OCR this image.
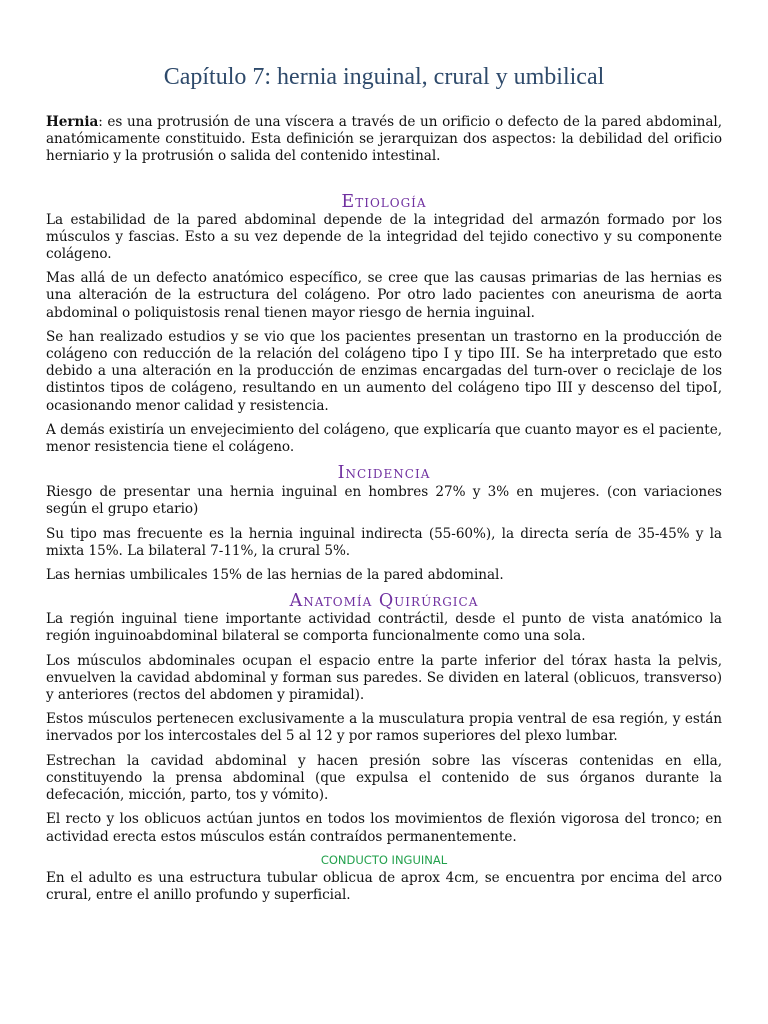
Capítulo 7: hernia inguinal, crural y umbilical

Hernia: es una protrusión de una víscera a través de un orificio o defecto de la pared abdominal, anatómicamente constituido. Esta definición se jerarquizan dos aspectos: la debilidad del orificio herniario y la protrusión o salida del contenido intestinal.

Etiología

La estabilidad de la pared abdominal depende de la integridad del armazón formado por los músculos y fascias. Esto a su vez depende de la integridad del tejido conectivo y su componente colágeno.

Mas allá de un defecto anatómico específico, se cree que las causas primarias de las hernias es una alteración de la estructura del colágeno. Por otro lado pacientes con aneurisma de aorta abdominal o poliquistosis renal tienen mayor riesgo de hernia inguinal.

Se han realizado estudios y se vio que los pacientes presentan un trastorno en la producción de colágeno con reducción de la relación del colágeno tipo I y tipo III. Se ha interpretado que esto debido a una alteración en la producción de enzimas encargadas del turn-over o reciclaje de los distintos tipos de colágeno, resultando en un aumento del colágeno tipo III y descenso del tipoI, ocasionando menor calidad y resistencia.

A demás existiría un envejecimiento del colágeno, que explicaría que cuanto mayor es el paciente, menor resistencia tiene el colágeno.

Incidencia

Riesgo de presentar una hernia inguinal en hombres 27% y 3% en mujeres. (con variaciones según el grupo etario)

Su tipo mas frecuente es la hernia inguinal indirecta (55-60%), la directa sería de 35-45% y la mixta 15%. La bilateral 7-11%, la crural 5%.

Las hernias umbilicales 15% de las hernias de la pared abdominal.

Anatomía Quirúrgica

La región inguinal tiene importante actividad contráctil, desde el punto de vista anatómico la región inguinoabdominal bilateral se comporta funcionalmente como una sola.

Los músculos abdominales ocupan el espacio entre la parte inferior del tórax hasta la pelvis, envuelven la cavidad abdominal y forman sus paredes. Se dividen en lateral (oblicuos, transverso) y anteriores (rectos del abdomen y piramidal).

Estos músculos pertenecen exclusivamente a la musculatura propia ventral de esa región, y están inervados por los intercostales del 5 al 12 y por ramos superiores del plexo lumbar.

Estrechan la cavidad abdominal y hacen presión sobre las vísceras contenidas en ella, constituyendo la prensa abdominal (que expulsa el contenido de sus órganos durante la defecación, micción, parto, tos y vómito).

El recto y los oblicuos actúan juntos en todos los movimientos de flexión vigorosa del tronco; en actividad erecta estos músculos están contraídos permanentemente.

CONDUCTO INGUINAL

En el adulto es una estructura tubular oblicua de aprox 4cm, se encuentra por encima del arco crural, entre el anillo profundo y superficial.
